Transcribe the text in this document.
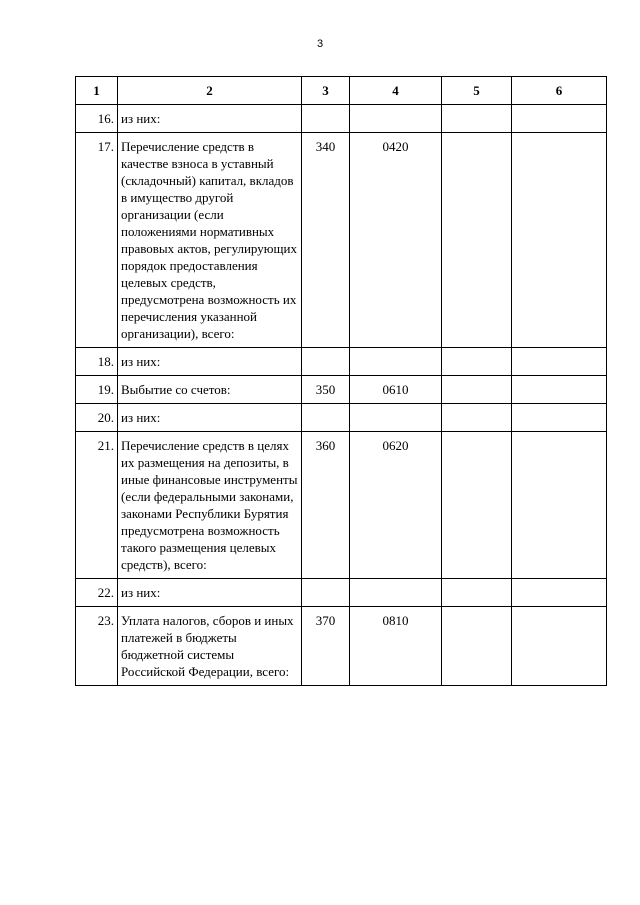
3
1	2	3	4	5	6
16.	из них:				
17.	Перечисление средств в качестве взноса в уставный (складочный) капитал, вкладов в имущество другой организации (если положениями нормативных правовых актов, регулирующих порядок предоставления целевых средств, предусмотрена возможность их перечисления указанной организации), всего:	340	0420		
18.	из них:				
19.	Выбытие со счетов:	350	0610		
20.	из них:				
21.	Перечисление средств в целях их размещения на депозиты, в иные финансовые инструменты (если федеральными законами, законами Республики Бурятия предусмотрена возможность такого размещения целевых средств), всего:	360	0620		
22.	из них:				
23.	Уплата налогов, сборов и иных платежей в бюджеты бюджетной системы Российской Федерации, всего:	370	0810		
